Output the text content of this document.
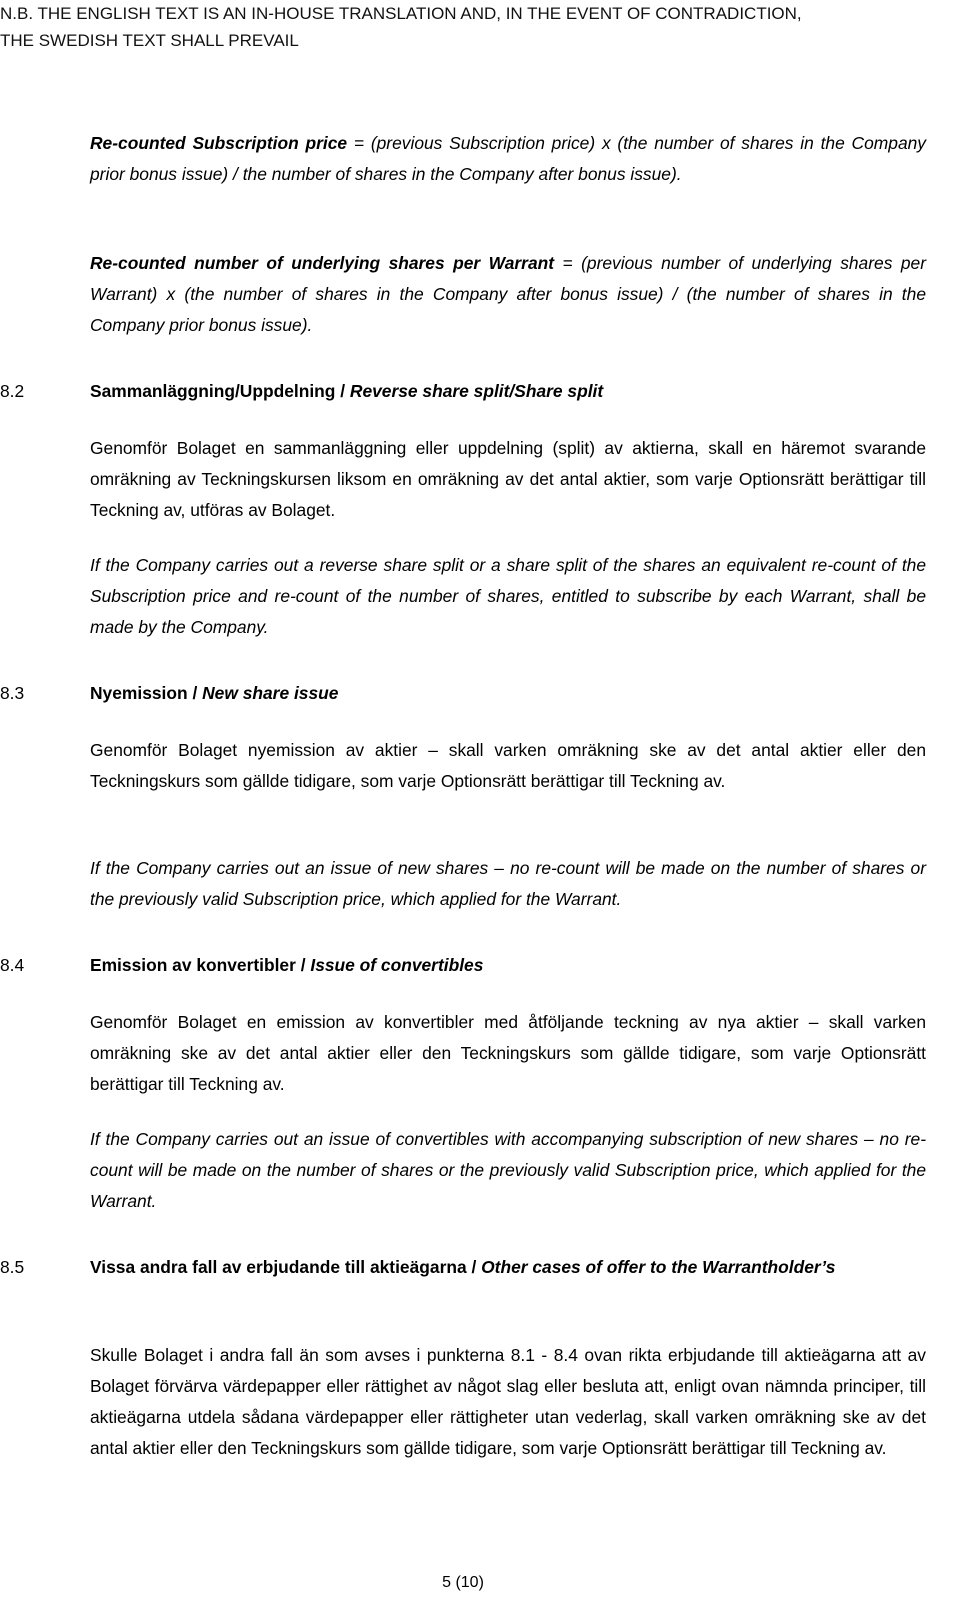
N.B. THE ENGLISH TEXT IS AN IN-HOUSE TRANSLATION AND, IN THE EVENT OF CONTRADICTION,
THE SWEDISH TEXT SHALL PREVAIL
Re-counted Subscription price = (previous Subscription price) x (the number of shares in the Company prior bonus issue) / the number of shares in the Company after bonus issue).
Re-counted number of underlying shares per Warrant = (previous number of underlying shares per Warrant) x (the number of shares in the Company after bonus issue) / (the number of shares in the Company prior bonus issue).
8.2	Sammanläggning/Uppdelning / Reverse share split/Share split
Genomför Bolaget en sammanläggning eller uppdelning (split) av aktierna, skall en häremot svarande omräkning av Teckningskursen liksom en omräkning av det antal aktier, som varje Optionsrätt berättigar till Teckning av, utföras av Bolaget.
If the Company carries out a reverse share split or a share split of the shares an equivalent re-count of the Subscription price and re-count of the number of shares, entitled to subscribe by each Warrant, shall be made by the Company.
8.3	Nyemission / New share issue
Genomför Bolaget nyemission av aktier – skall varken omräkning ske av det antal aktier eller den Teckningskurs som gällde tidigare, som varje Optionsrätt berättigar till Teckning av.
If the Company carries out an issue of new shares – no re-count will be made on the number of shares or the previously valid Subscription price, which applied for the Warrant.
8.4	Emission av konvertibler / Issue of convertibles
Genomför Bolaget en emission av konvertibler med åtföljande teckning av nya aktier – skall varken omräkning ske av det antal aktier eller den Teckningskurs som gällde tidigare, som varje Optionsrätt berättigar till Teckning av.
If the Company carries out an issue of convertibles with accompanying subscription of new shares – no re-count will be made on the number of shares or the previously valid Subscription price, which applied for the Warrant.
8.5	Vissa andra fall av erbjudande till aktieägarna / Other cases of offer to the Warrantholder’s
Skulle Bolaget i andra fall än som avses i punkterna 8.1 - 8.4 ovan rikta erbjudande till aktieägarna att av Bolaget förvärva värdepapper eller rättighet av något slag eller besluta att, enligt ovan nämnda principer, till aktieägarna utdela sådana värdepapper eller rättigheter utan vederlag, skall varken omräkning ske av det antal aktier eller den Teckningskurs som gällde tidigare, som varje Optionsrätt berättigar till Teckning av.
5 (10)
